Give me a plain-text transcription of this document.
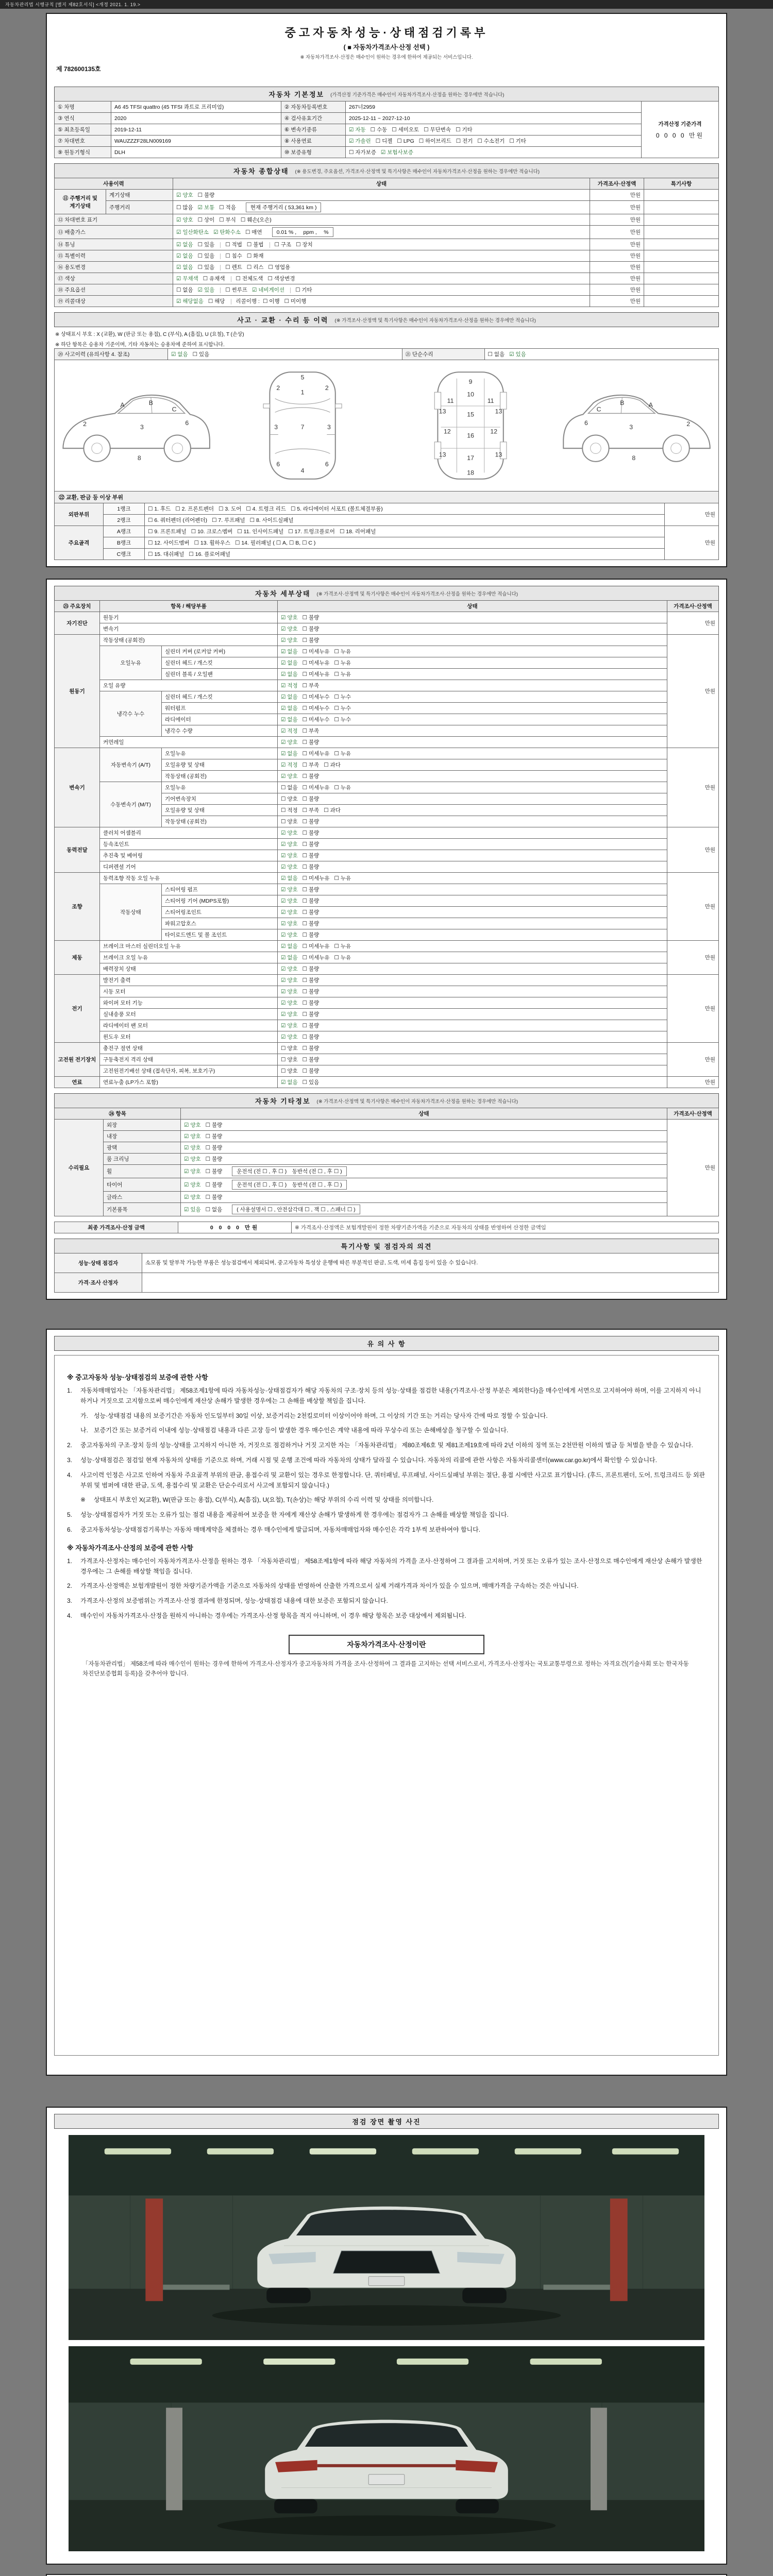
자동차관리법 시행규칙 [별지 제82호서식] <개정 2021. 1. 19.>
중고자동차성능·상태점검기록부
( ■ 자동차가격조사·산정 선택 )
※ 자동차가격조사·산정은 매수인이 원하는 경우에 한하여 제공되는 서비스입니다.
제 782600135호
자동차 기본정보 (가격산정 기준가격은 매수인이 자동차가격조사·산정을 원하는 경우에만 적습니다)
① 차명	A6 45 TFSI quattro (45 TFSI 콰트로 프리미엄)	② 자동차등록번호	267너2959	가격산정 기준가격
0 0 0 0 만원

③ 연식	2020	④ 검사유효기간	2025-12-11 ~ 2027-12-10	
⑤ 최초등록일	2019-12-11	⑥ 변속기종류	☑ 자동 ☐ 수동 ☐ 세미오토 ☐ 무단변속 ☐ 기타	
⑦ 차대번호	WAUZZZF28LN009169	⑧ 사용연료	☑ 가솔린 ☐ 디젤 ☐ LPG ☐ 하이브리드 ☐ 전기 ☐ 수소전기 ☐ 기타	
⑨ 원동기형식	DLH	⑩ 보증유형	☐ 자가보증 ☑ 보험사보증	
자동차 종합상태 (※ 용도변경, 주요옵션, 가격조사·산정액 및 특기사항은 매수인이 자동차가격조사·산정을 원하는 경우에만 적습니다)
사용이력		상태	가격조사·산정액	특기사항
⑪ 주행거리 및 계기상태	계기상태	☑ 양호 ☐ 불량	만원	
	주행거리	☐ 많음 ☑ 보통 ☐ 적음 현재 주행거리 ( 53,361 km )	만원	
⑫ 차대번호 표기		☑ 양호 ☐ 상이 ☐ 부식 ☐ 훼손(오손)	만원	
⑬ 배출가스		☑ 일산화탄소 ☑ 탄화수소 ☐ 매연 0.01 % ,　 ppm ,　 %	만원	
⑭ 튜닝		☑ 없음 ☐ 있음 ☐ 적법 ☐ 불법 ☐ 구조 ☐ 장치	만원	
⑮ 특별이력		☑ 없음 ☐ 있음 ☐ 침수 ☐ 화재	만원	
⑯ 용도변경		☑ 없음 ☐ 있음 ☐ 렌트 ☐ 리스 ☐ 영업용	만원	
⑰ 색상		☑ 무채색 ☐ 유채색 ☐ 전체도색 ☐ 색상변경	만원	
⑱ 주요옵션		☐ 없음 ☑ 있음 ☐ 썬루프 ☑ 네비게이션 ☐ 기타	만원	
⑲ 리콜대상		☑ 해당없음 ☐ 해당 리콜이행 : ☐ 이행 ☐ 미이행	만원	
사고 · 교환 · 수리 등 이력 (※ 가격조사·산정액 및 특기사항은 매수인이 자동차가격조사·산정을 원하는 경우에만 적습니다)
※ 상태표시 부호 : X (교환), W (판금 또는 용접), C (부식), A (흠집), U (요철), T (손상)
※ 하단 항목은 승용차 기준이며, 기타 자동차는 승용차에 준하여 표시합니다.
⑳ 사고이력 (유의사항 4. 참조)	☑ 없음 ☐ 있음	㉑ 단순수리	☐ 없음 ☑ 있음
2	3
6
8
A	B
C
5
1
2	2
7
3	3
6	6
4
9
10
11	11
12	12
13	13
13	13
15
16
17
18
2
3
6
8
A
B
C
㉒ 교환, 판금 등 이상 부위
외판부위	1랭크	☐ 1. 후드 ☐ 2. 프론트펜더 ☐ 3. 도어 ☐ 4. 트렁크 리드 ☐ 5. 라디에이터 서포트 (볼트체결부품)	만원
	2랭크	☐ 6. 쿼터펜더 (리어펜더) ☐ 7. 루프패널 ☐ 8. 사이드실패널	
주요골격	A랭크	☐ 9. 프론트패널 ☐ 10. 크로스멤버 ☐ 11. 인사이드패널 ☐ 17. 트렁크플로어 ☐ 18. 리어패널	만원
	B랭크	☐ 12. 사이드멤버 ☐ 13. 휠하우스 ☐ 14. 필러패널 ( ☐ A, ☐ B, ☐ C )	
	C랭크	☐ 15. 대쉬패널 ☐ 16. 플로어패널	
자동차 세부상태 (※ 가격조사·산정액 및 특기사항은 매수인이 자동차가격조사·산정을 원하는 경우에만 적습니다)
㉓ 주요장치	항목 / 해당부품		상태	가격조사·산정액
자기진단	원동기		☑ 양호 ☐ 불량	만원
	변속기		☑ 양호 ☐ 불량	
원동기	작동상태 (공회전)		☑ 양호 ☐ 불량	만원
	오일누유	실린더 커버 (로커암 커버)	☑ 없음 ☐ 미세누유 ☐ 누유	
		실린더 헤드 / 개스킷	☑ 없음 ☐ 미세누유 ☐ 누유	
		실린더 블록 / 오일팬	☑ 없음 ☐ 미세누유 ☐ 누유	
	오일 유량		☑ 적정 ☐ 부족	
	냉각수 누수	실린더 헤드 / 개스킷	☑ 없음 ☐ 미세누수 ☐ 누수	
		워터펌프	☑ 없음 ☐ 미세누수 ☐ 누수	
		라디에이터	☑ 없음 ☐ 미세누수 ☐ 누수	
		냉각수 수량	☑ 적정 ☐ 부족	
	커먼레일		☑ 양호 ☐ 불량	
변속기	자동변속기 (A/T)	오일누유	☑ 없음 ☐ 미세누유 ☐ 누유	만원
		오일유량 및 상태	☑ 적정 ☐ 부족 ☐ 과다	
		작동상태 (공회전)	☑ 양호 ☐ 불량	
	수동변속기 (M/T)	오일누유	☐ 없음 ☐ 미세누유 ☐ 누유	
		기어변속장치	☐ 양호 ☐ 불량	
		오일유량 및 상태	☐ 적정 ☐ 부족 ☐ 과다	
		작동상태 (공회전)	☐ 양호 ☐ 불량	
동력전달	클러치 어셈블리		☑ 양호 ☐ 불량	만원
	등속조인트		☑ 양호 ☐ 불량	
	추진축 및 베어링		☑ 양호 ☐ 불량	
	디퍼렌셜 기어		☑ 양호 ☐ 불량	
조향	동력조향 작동 오일 누유		☑ 없음 ☐ 미세누유 ☐ 누유	만원
	작동상태	스티어링 펌프	☑ 양호 ☐ 불량	
		스티어링 기어 (MDPS포함)	☑ 양호 ☐ 불량	
		스티어링조인트	☑ 양호 ☐ 불량	
		파워고압호스	☑ 양호 ☐ 불량	
		타이로드엔드 및 볼 조인트	☑ 양호 ☐ 불량	
제동	브레이크 마스터 실린더오일 누유		☑ 없음 ☐ 미세누유 ☐ 누유	만원
	브레이크 오일 누유		☑ 없음 ☐ 미세누유 ☐ 누유	
	배력장치 상태		☑ 양호 ☐ 불량	
전기	발전기 출력		☑ 양호 ☐ 불량	만원
	시동 모터		☑ 양호 ☐ 불량	
	와이퍼 모터 기능		☑ 양호 ☐ 불량	
	실내송풍 모터		☑ 양호 ☐ 불량	
	라디에이터 팬 모터		☑ 양호 ☐ 불량	
	윈도우 모터		☑ 양호 ☐ 불량	
고전원 전기장치	충전구 절연 상태		☐ 양호 ☐ 불량	만원
	구동축전지 격리 상태		☐ 양호 ☐ 불량	
	고전원전기배선 상태 (접속단자, 피복, 보호기구)		☐ 양호 ☐ 불량	
연료	연료누출 (LP가스 포함)		☑ 없음 ☐ 있음	만원
자동차 기타정보 (※ 가격조사·산정액 및 특기사항은 매수인이 자동차가격조사·산정을 원하는 경우에만 적습니다)
㉔ 항목		상태	가격조사·산정액
수리필요	외장	☑ 양호 ☐ 불량	만원
	내장	☑ 양호 ☐ 불량	
	광택	☑ 양호 ☐ 불량	
	룸 크리닝	☑ 양호 ☐ 불량	
	휠	☑ 양호 ☐ 불량 운전석 (전 ☐ , 후 ☐ )　동반석 (전 ☐ , 후 ☐ )	
	타이어	☑ 양호 ☐ 불량 운전석 (전 ☐ , 후 ☐ )　동반석 (전 ☐ , 후 ☐ )	
	글라스	☑ 양호 ☐ 불량	
	기본품목	☑ 있음 ☐ 없음 ( 사용설명서 ☐ , 안전삼각대 ☐ , 잭 ☐ , 스패너 ☐ )	
최종 가격조사·산정 금액	0 0 0 0 만원	※ 가격조사·산정액은 보험개발원이 정한 차량기준가액을 기준으로 자동차의 상태를 반영하여 산정한 금액임
특기사항 및 점검자의 의견
성능·상태 점검자	소모품 및 탈부착 가능한 부품은 성능점검에서 제외되며, 중고자동차 특성상 운행에 따른 부분적인 판금, 도색, 미세 흠집 등이 있을 수 있습니다.
가격·조사 산정자	
유 의 사 항
※ 중고자동차 성능·상태점검의 보증에 관한 사항
1.	자동차매매업자는 「자동차관리법」 제58조제1항에 따라 자동차성능·상태점검자가 해당 자동차의 구조·장치 등의 성능·상태를 점검한 내용(가격조사·산정 부분은 제외한다)을 매수인에게 서면으로 고지하여야 하며, 이를 고지하지 아니하거나 거짓으로 고지함으로써 매수인에게 재산상 손해가 발생한 경우에는 그 손해를 배상할 책임을 집니다.
가. 성능·상태점검 내용의 보증기간은 자동차 인도일부터 30일 이상, 보증거리는 2천킬로미터 이상이어야 하며, 그 이상의 기간 또는 거리는 당사자 간에 따로 정할 수 있습니다.
나. 보증기간 또는 보증거리 이내에 성능·상태점검 내용과 다른 고장 등이 발생한 경우 매수인은 계약 내용에 따라 무상수리 또는 손해배상을 청구할 수 있습니다.
2.	중고자동차의 구조·장치 등의 성능·상태를 고지하지 아니한 자, 거짓으로 점검하거나 거짓 고지한 자는 「자동차관리법」 제80조제6호 및 제81조제19호에 따라 2년 이하의 징역 또는 2천만원 이하의 벌금 등 처벌을 받을 수 있습니다.
3.	성능·상태점검은 점검일 현재 자동차의 상태를 기준으로 하며, 거래 시점 및 운행 조건에 따라 자동차의 상태가 달라질 수 있습니다. 자동차의 리콜에 관한 사항은 자동차리콜센터(www.car.go.kr)에서 확인할 수 있습니다.
4.	사고이력 인정은 사고로 인하여 자동차 주요골격 부위의 판금, 용접수리 및 교환이 있는 경우로 한정합니다. 단, 쿼터패널, 루프패널, 사이드실패널 부위는 절단, 용접 시에만 사고로 표기합니다. (후드, 프론트펜더, 도어, 트렁크리드 등 외판 부위 및 범퍼에 대한 판금, 도색, 용접수리 및 교환은 단순수리로서 사고에 포함되지 않습니다.)
※	상태표시 부호인 X(교환), W(판금 또는 용접), C(부식), A(흠집), U(요철), T(손상)는 해당 부위의 수리 이력 및 상태를 의미합니다.
5.	성능·상태점검자가 거짓 또는 오류가 있는 점검 내용을 제공하여 보증을 한 자에게 재산상 손해가 발생하게 한 경우에는 점검자가 그 손해를 배상할 책임을 집니다.
6.	중고자동차성능·상태점검기록부는 자동차 매매계약을 체결하는 경우 매수인에게 발급되며, 자동차매매업자와 매수인은 각각 1부씩 보관하여야 합니다.
※ 자동차가격조사·산정의 보증에 관한 사항
1.	가격조사·산정자는 매수인이 자동차가격조사·산정을 원하는 경우 「자동차관리법」 제58조제1항에 따라 해당 자동차의 가격을 조사·산정하여 그 결과를 고지하며, 거짓 또는 오류가 있는 조사·산정으로 매수인에게 재산상 손해가 발생한 경우에는 그 손해를 배상할 책임을 집니다.
2.	가격조사·산정액은 보험개발원이 정한 차량기준가액을 기준으로 자동차의 상태를 반영하여 산출한 가격으로서 실제 거래가격과 차이가 있을 수 있으며, 매매가격을 구속하는 것은 아닙니다.
3.	가격조사·산정의 보증범위는 가격조사·산정 결과에 한정되며, 성능·상태점검 내용에 대한 보증은 포함되지 않습니다.
4.	매수인이 자동차가격조사·산정을 원하지 아니하는 경우에는 가격조사·산정 항목을 적지 아니하며, 이 경우 해당 항목은 보증 대상에서 제외됩니다.
자동차가격조사·산정이란
「자동차관리법」 제58조에 따라 매수인이 원하는 경우에 한하여 가격조사·산정자가 중고자동차의 가격을 조사·산정하여 그 결과를 고지하는 선택 서비스로서, 가격조사·산정자는 국토교통부령으로 정하는 자격요건(기술사회 또는 한국자동차진단보증협회 등록)을 갖추어야 합니다.
점검 장면 촬영 사진
